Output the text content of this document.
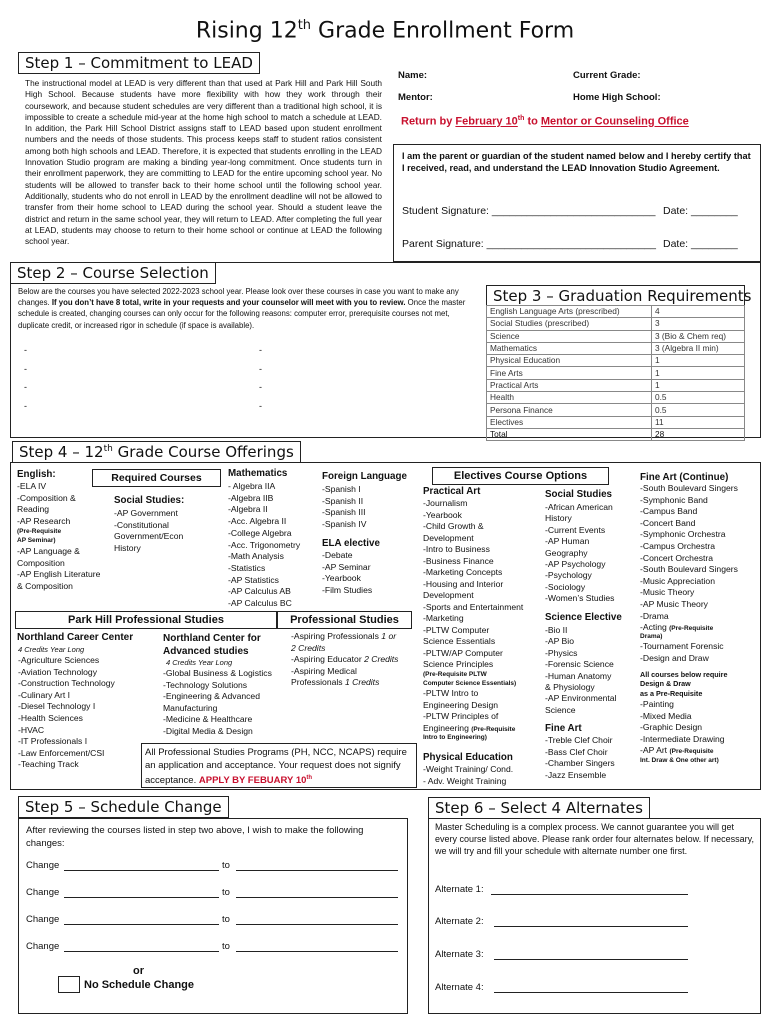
Rising 12th Grade Enrollment Form
Step 1 – Commitment to LEAD
The instructional model at LEAD is very different than that used at Park Hill and Park Hill South High School. Because students have more flexibility with how they work through their coursework, and because student schedules are very different than a traditional high school, it is impossible to create a schedule mid-year at the home high school to match a schedule at LEAD. In addition, the Park Hill School District assigns staff to LEAD based upon student enrollment numbers and the needs of those students. This process keeps staff to student ratios consistent among both high schools and LEAD. Therefore, it is expected that students enrolling in the LEAD Innovation Studio program are making a binding year-long commitment. Once students turn in their enrollment paperwork, they are committing to LEAD for the entire upcoming school year. No students will be allowed to transfer back to their home school until the following school year. Additionally, students who do not enroll in LEAD by the enrollment deadline will not be allowed to transfer from their home school to LEAD during the school year. Should a student leave the district and return in the same school year, they will return to LEAD. After completing the full year at LEAD, students may choose to return to their home school or continue at LEAD the following school year.
Name:	Current Grade:
Mentor:	Home High School:
Return by February 10th to Mentor or Counseling Office
I am the parent or guardian of the student named below and I hereby certify that I received, read, and understand the LEAD Innovation Studio Agreement.
Student Signature: ____________________________ Date: ________
Parent Signature: _____________________________ Date: ________
Step 2 – Course Selection
Below are the courses you have selected 2022-2023 school year. Please look over these courses in case you want to make any changes. If you don’t have 8 total, write in your requests and your counselor will meet with you to review. Once the master schedule is created, changing courses can only occur for the following reasons: computer error, prerequisite courses not met, duplicate credit, or increased rigor in schedule (if space is available).
-
-
-
-
-
-
-
-
Step 3 – Graduation Requirements
English Language Arts (prescribed)	4
Social Studies (prescribed)	3
Science	3 (Bio & Chem req)
Mathematics	3 (Algebra II min)
Physical Education	1
Fine Arts	1
Practical Arts	1
Health	0.5
Persona Finance	0.5
Electives	11
Total	28
Step 4 – 12th Grade Course Offerings
English:
-ELA IV
-Composition &
Reading
-AP Research
(Pre-Requisite
AP Seminar)
-AP Language &
Composition
-AP English Literature
& Composition
Required Courses
Social Studies:
-AP Government
-Constitutional
Government/Econ
History
Mathematics
- Algebra IIA
-Algebra IIB
-Algebra II
-Acc. Algebra II
-College Algebra
-Acc. Trigonometry
-Math Analysis
-Statistics
-AP Statistics
-AP Calculus AB
-AP Calculus BC
Foreign Language
-Spanish I
-Spanish II
-Spanish III
-Spanish IV
ELA elective
-Debate
-AP Seminar
-Yearbook
-Film Studies
Electives Course Options
Practical Art
-Journalism
-Yearbook
-Child Growth &
Development
-Intro to Business
-Business Finance
-Marketing Concepts
-Housing and Interior
Development
-Sports and Entertainment
-Marketing
-PLTW Computer
Science Essentials
-PLTW/AP Computer
Science Principles
(Pre-Requisite PLTW
Computer Science Essentials)
-PLTW Intro to
Engineering Design
-PLTW Principles of
Engineering (Pre-Requisite
Intro to Engineering)
Physical Education
-Weight Training/ Cond.
- Adv. Weight Training
Social Studies
-African American
History
-Current Events
-AP Human
Geography
-AP Psychology
-Psychology
-Sociology
-Women’s Studies
Science Elective
-Bio II
-AP Bio
-Physics
-Forensic Science
-Human Anatomy
& Physiology
-AP Environmental
Science
Fine Art
-Treble Clef Choir
-Bass Clef Choir
-Chamber Singers
-Jazz Ensemble
Fine Art (Continue)
-South Boulevard Singers
-Symphonic Band
-Campus Band
-Concert Band
-Symphonic Orchestra
-Campus Orchestra
-Concert Orchestra
-South Boulevard Singers
-Music Appreciation
-Music Theory
-AP Music Theory
-Drama
-Acting (Pre-Requisite
Drama)
-Tournament Forensic
-Design and Draw
All courses below require
Design & Draw
as a Pre-Requisite
-Painting
-Mixed Media
-Graphic Design
-Intermediate Drawing
-AP Art (Pre-Requisite
Int. Draw & One other art)
Park Hill Professional Studies	Professional Studies
Northland Career Center
4 Credits Year Long
-Agriculture Sciences
-Aviation Technology
-Construction Technology
-Culinary Art I
-Diesel Technology I
-Health Sciences
-HVAC
-IT Professionals I
-Law Enforcement/CSI
-Teaching Track
Northland Center for
Advanced studies
4 Credits Year Long
-Global Business & Logistics
-Technology Solutions
-Engineering & Advanced
Manufacturing
-Medicine & Healthcare
-Digital Media & Design
-Aspiring Professionals 1 or
2 Credits
-Aspiring Educator 2 Credits
-Aspiring Medical
Professionals 1 Credits
All Professional Studies Programs (PH, NCC, NCAPS) require an application and acceptance. Your request does not signify acceptance. APPLY BY FEBUARY 10th
Step 5 – Schedule Change
After reviewing the courses listed in step two above, I wish to make the following changes:
Change	to
Change	to
Change	to
Change	to
or
No Schedule Change
Step 6 – Select 4 Alternates
Master Scheduling is a complex process. We cannot guarantee you will get every course listed above. Please rank order four alternates below. If necessary, we will try and fill your schedule with alternate number one first.
Alternate 1:
Alternate 2:
Alternate 3:
Alternate 4:
